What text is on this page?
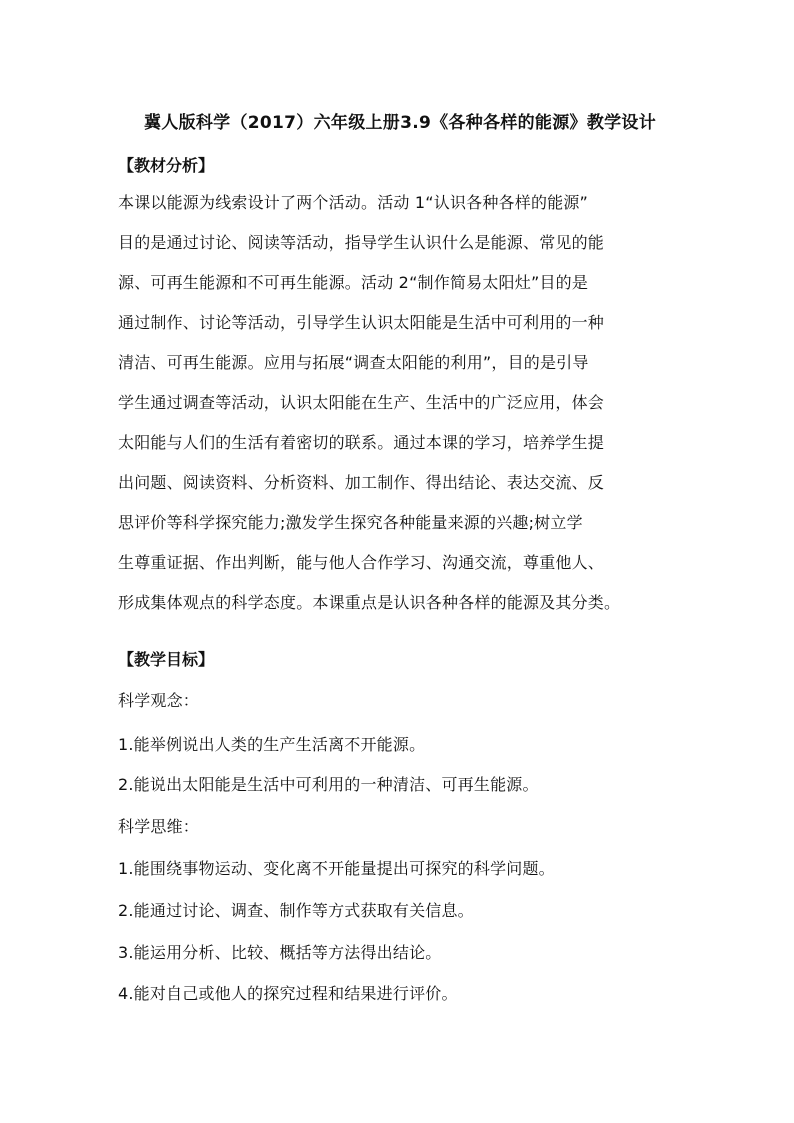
冀人版科学（2017）六年级上册3.9《各种各样的能源》教学设计
【教材分析】
本课以能源为线索设计了两个活动。活动 1“认识各种各样的能源”
目的是通过讨论、阅读等活动，指导学生认识什么是能源、常见的能
源、可再生能源和不可再生能源。活动 2“制作简易太阳灶”目的是
通过制作、讨论等活动，引导学生认识太阳能是生活中可利用的一种
清洁、可再生能源。应用与拓展“调查太阳能的利用”，目的是引导
学生通过调查等活动，认识太阳能在生产、生活中的广泛应用，体会
太阳能与人们的生活有着密切的联系。通过本课的学习，培养学生提
出问题、阅读资料、分析资料、加工制作、得出结论、表达交流、反
思评价等科学探究能力;激发学生探究各种能量来源的兴趣;树立学
生尊重证据、作出判断，能与他人合作学习、沟通交流，尊重他人、
形成集体观点的科学态度。本课重点是认识各种各样的能源及其分类。
【教学目标】
科学观念：
1.能举例说出人类的生产生活离不开能源。
2.能说出太阳能是生活中可利用的一种清洁、可再生能源。
科学思维：
1.能围绕事物运动、变化离不开能量提出可探究的科学问题。
2.能通过讨论、调查、制作等方式获取有关信息。
3.能运用分析、比较、概括等方法得出结论。
4.能对自己或他人的探究过程和结果进行评价。
